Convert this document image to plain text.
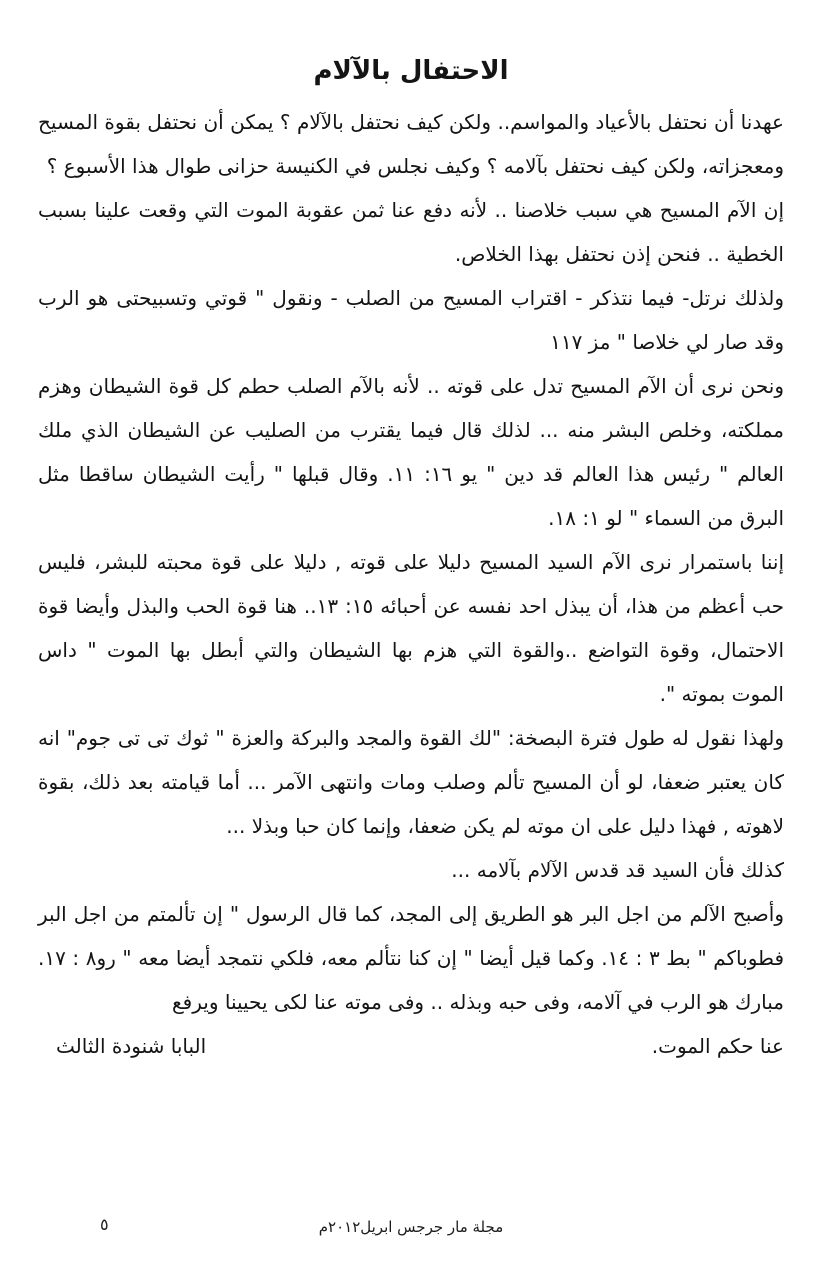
الاحتفال بالآلام

عهدنا أن نحتفل بالأعياد والمواسم.. ولكن كيف نحتفل بالآلام ؟ يمكن أن نحتفل بقوة المسيح ومعجزاته، ولكن كيف نحتفل بآلامه ؟ وكيف نجلس في الكنيسة حزانى طوال هذا الأسبوع ؟

إن الآم المسيح هي سبب خلاصنا .. لأنه دفع عنا ثمن عقوبة الموت التي وقعت علينا بسبب الخطية .. فنحن إذن نحتفل بهذا الخلاص.

ولذلك نرتل- فيما نتذكر - اقتراب المسيح من الصلب - ونقول " قوتي وتسبيحتى هو الرب وقد صار لي خلاصا " مز ١١٧

ونحن نرى أن الآم المسيح تدل على قوته .. لأنه بالآم الصلب حطم كل قوة الشيطان وهزم مملكته، وخلص البشر منه ... لذلك قال فيما يقترب من الصليب عن الشيطان الذي ملك العالم " رئيس هذا العالم قد دين " يو ١٦: ١١. وقال قبلها " رأيت الشيطان ساقطا مثل البرق من السماء " لو ١: ١٨.

إننا باستمرار نرى الآم السيد المسيح دليلا على قوته , دليلا على قوة محبته للبشر، فليس حب أعظم من هذا، أن يبذل احد نفسه عن أحبائه ١٥: ١٣.. هنا قوة الحب والبذل وأيضا قوة الاحتمال، وقوة التواضع ..والقوة التي هزم بها الشيطان والتي أبطل بها الموت " داس الموت بموته ".

ولهذا نقول له طول فترة البصخة: "لك القوة والمجد والبركة والعزة " ثوك تى تى جوم" انه كان يعتبر ضعفا، لو أن المسيح تألم وصلب ومات وانتهى الآمر ... أما قيامته بعد ذلك، بقوة لاهوته , فهذا دليل على ان موته لم يكن ضعفا، وإنما كان حبا وبذلا ...

كذلك فأن السيد قد قدس الآلام بآلامه ...

وأصبح الآلم من اجل البر هو الطريق إلى المجد، كما قال الرسول " إن تألمتم من اجل البر فطوباكم " بط ٣ : ١٤. وكما قيل أيضا " إن كنا نتألم معه، فلكي نتمجد أيضا معه " رو٨ : ١٧. مبارك هو الرب في آلامه، وفى حبه وبذله .. وفى موته عنا لكى يحيينا ويرفع

عنا حكم الموت.
البابا شنودة الثالث
مجلة مار جرجس ابريل٢٠١٢م
٥
